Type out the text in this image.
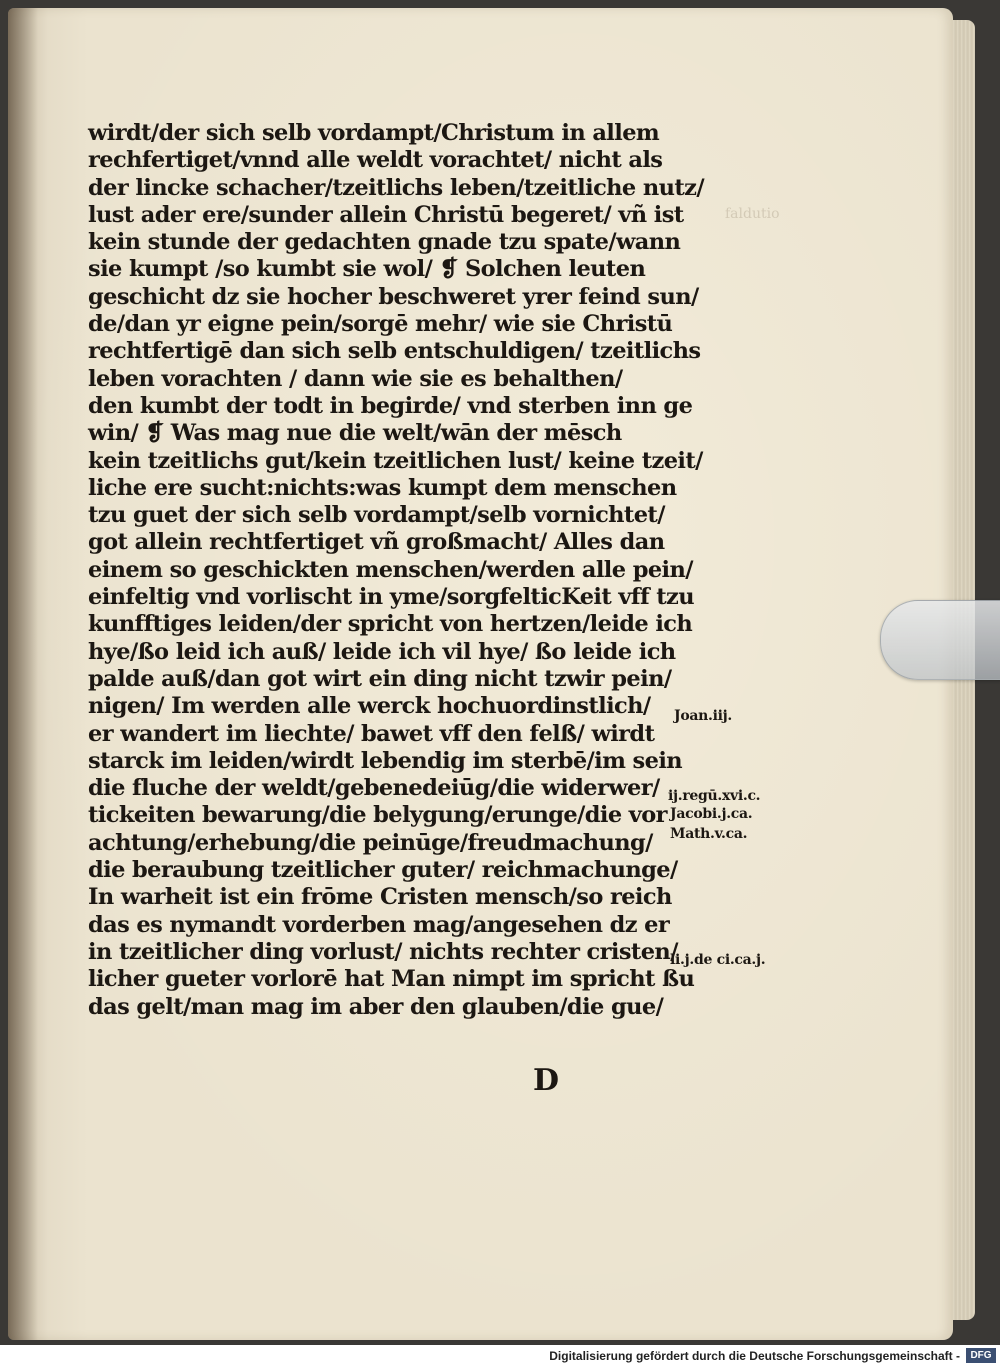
faldutio
wirdt/der sich selb vordampt/Christum in allem
rechfertiget/vnnd alle weldt vorachtet/ nicht als
der lincke schacher/tzeitlichs leben/tzeitliche nutz/
lust ader ere/sunder allein Christū begeret/ vñ ist
kein stunde der gedachten gnade tzu spate/wann
sie kumpt /so kumbt sie wol/ ❡ Solchen leuten
geschicht dz sie hocher beschweret yrer feind sun/
de/dan yr eigne pein/sorgē mehr/ wie sie Christū
rechtfertigē dan sich selb entschuldigen/ tzeitlichs
leben vorachten / dann wie sie es behalthen/
den kumbt der todt in begirde/ vnd sterben inn ge
win/ ❡ Was mag nue die welt/wān der mēsch
kein tzeitlichs gut/kein tzeitlichen lust/ keine tzeit/
liche ere sucht:nichts:was kumpt dem menschen
tzu guet der sich selb vordampt/selb vornichtet/
got allein rechtfertiget vñ großmacht/ Alles dan
einem so geschickten menschen/werden alle pein/
einfeltig vnd vorlischt in yme/sorgfelticKeit vff tzu
kunfftiges leiden/der spricht von hertzen/leide ich
hye/ßo leid ich auß/ leide ich vil hye/ ßo leide ich
palde auß/dan got wirt ein ding nicht tzwir pein/
nigen/ Im werden alle werck hochuordinstlich/
er wandert im liechte/ bawet vff den felß/ wirdt
starck im leiden/wirdt lebendig im sterbē/im sein
die fluche der weldt/gebenedeiūg/die widerwer/
tickeiten bewarung/die belygung/erunge/die vor
achtung/erhebung/die peinūge/freudmachung/
die beraubung tzeitlicher guter/ reichmachunge/
In warheit ist ein frōme Cristen mensch/so reich
das es nymandt vorderben mag/angesehen dz er
in tzeitlicher ding vorlust/ nichts rechter cristen/
licher gueter vorlorē hat Man nimpt im spricht ßu
das gelt/man mag im aber den glauben/die gue/
D
Joan.iij.
ij.regū.xvi.c.
Jacobi.j.ca.
Math.v.ca.
li.j.de ci.ca.j.
Digitalisierung gefördert durch die Deutsche Forschungsgemeinschaft -	DFG
